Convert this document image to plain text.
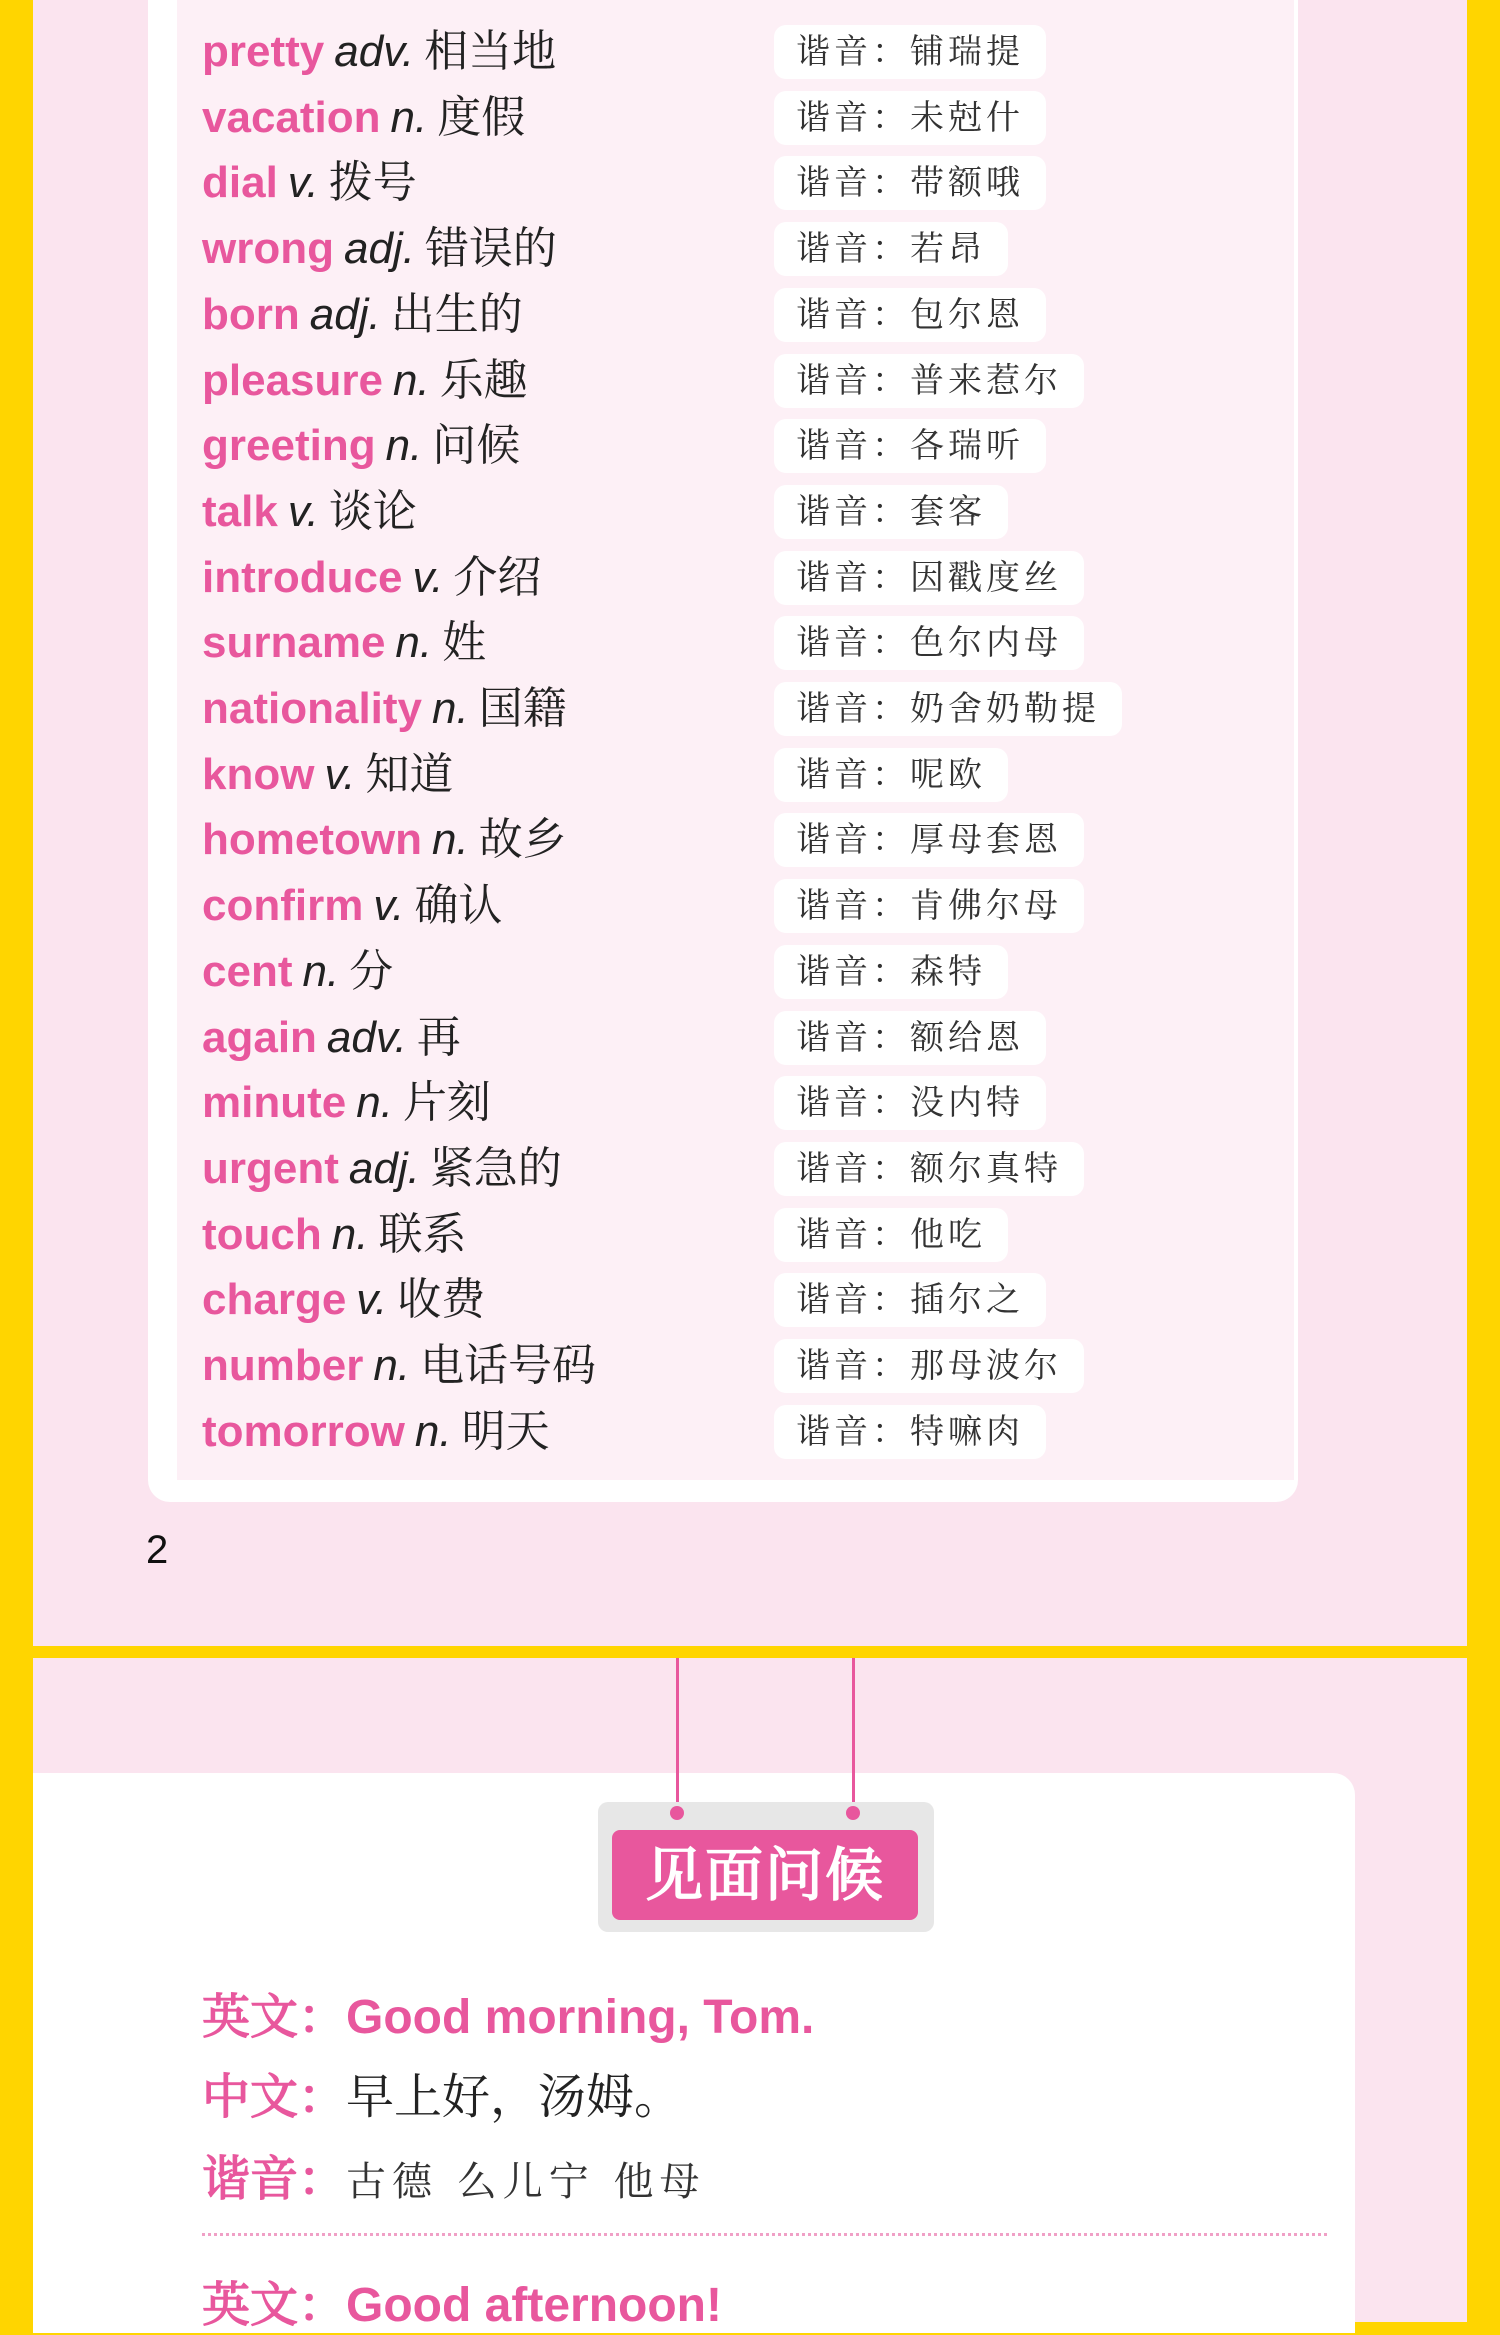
pretty adv. 相当地	谐音：铺瑞提
vacation n. 度假	谐音：未尅什
dial v. 拨号	谐音：带额哦
wrong adj. 错误的	谐音：若昂
born adj. 出生的	谐音：包尔恩
pleasure n. 乐趣	谐音：普来惹尔
greeting n. 问候	谐音：各瑞听
talk v. 谈论	谐音：套客
introduce v. 介绍	谐音：因戳度丝
surname n. 姓	谐音：色尔内母
nationality n. 国籍	谐音：奶舍奶勒提
know v. 知道	谐音：呢欧
hometown n. 故乡	谐音：厚母套恩
confirm v. 确认	谐音：肯佛尔母
cent n. 分	谐音：森特
again adv. 再	谐音：额给恩
minute n. 片刻	谐音：没内特
urgent adj. 紧急的	谐音：额尔真特
touch n. 联系	谐音：他吃
charge v. 收费	谐音：插尔之
number n. 电话号码	谐音：那母波尔
tomorrow n. 明天	谐音：特嘛肉
2
见面问候
英文：Good morning, Tom.
中文：早上好，汤姆。
谐音：古德 么儿宁 他母
英文：Good afternoon!
